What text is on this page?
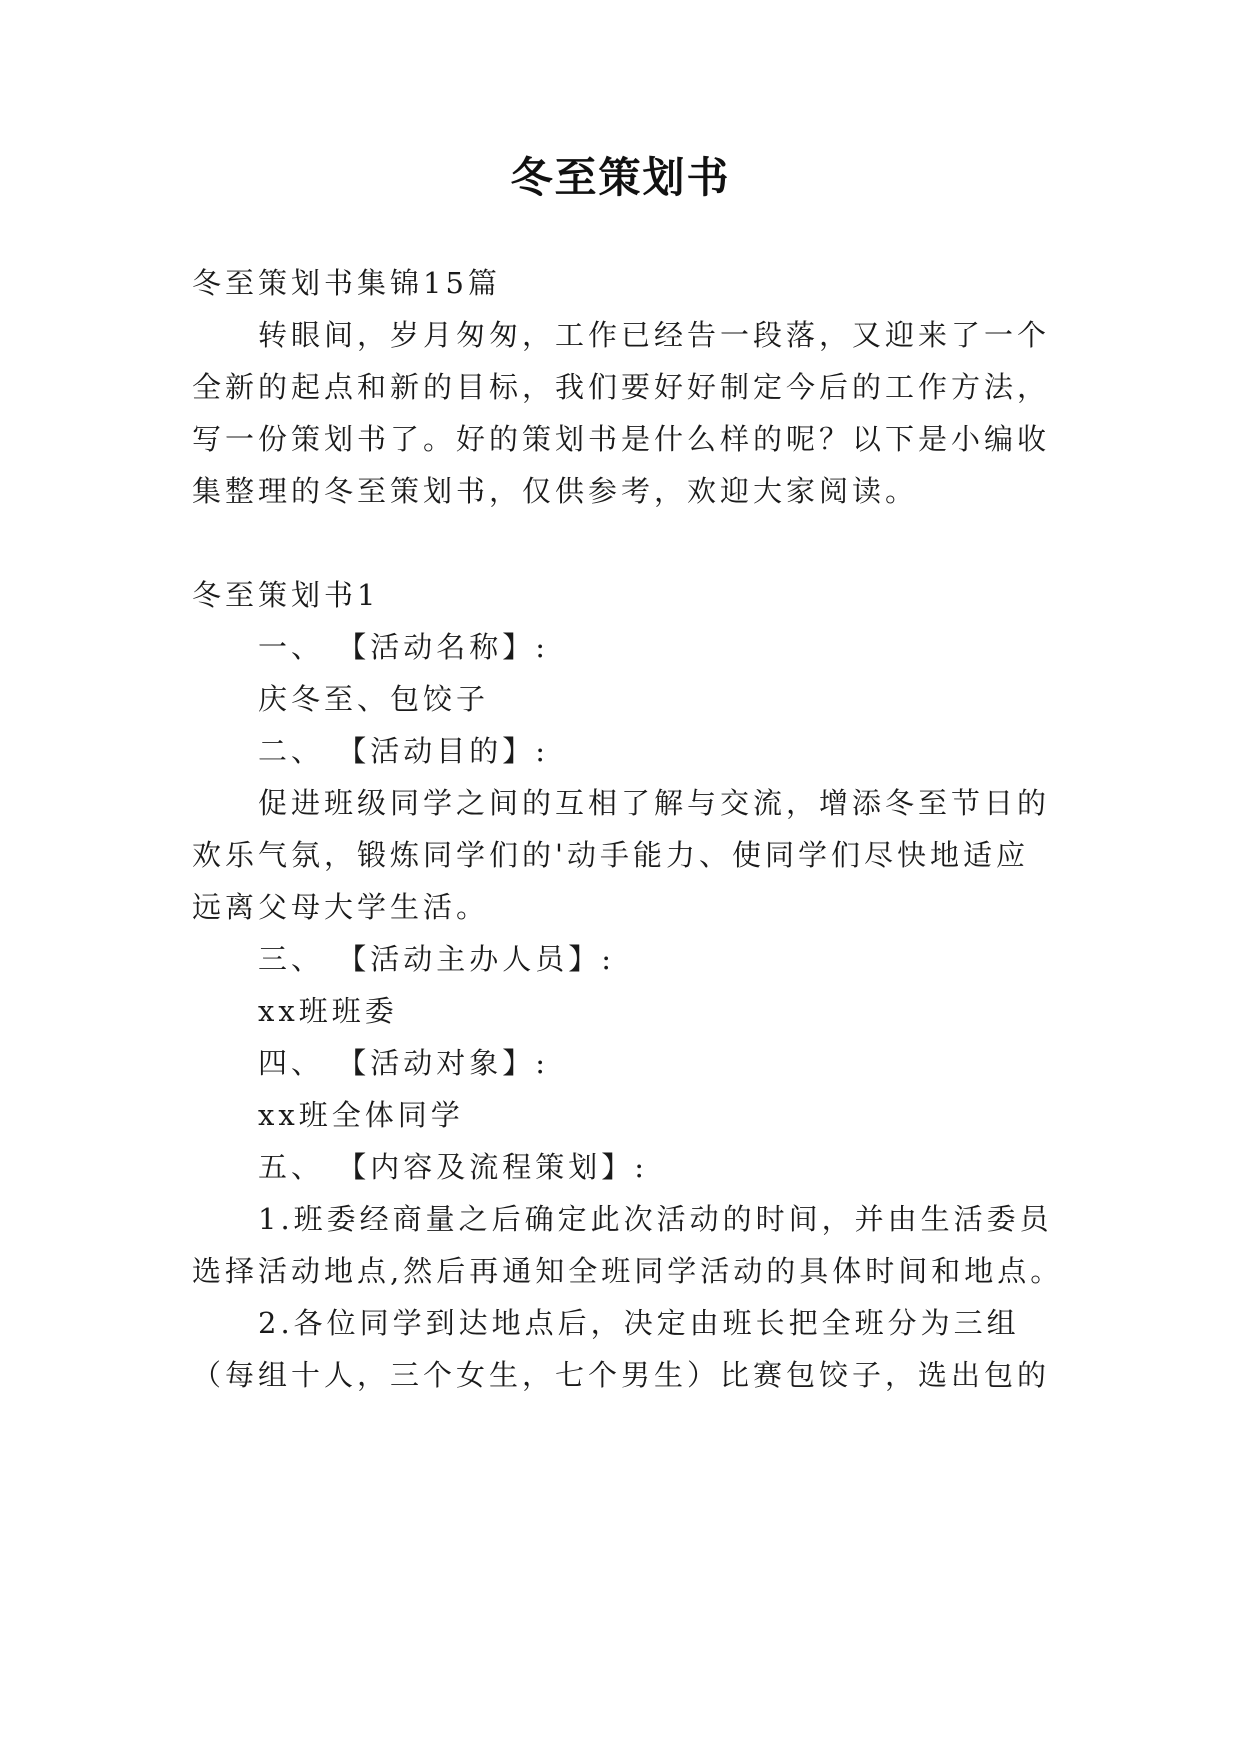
冬至策划书
冬至策划书集锦15篇
转眼间，岁月匆匆，工作已经告一段落，又迎来了一个
全新的起点和新的目标，我们要好好制定今后的工作方法，
写一份策划书了。好的策划书是什么样的呢？以下是小编收
集整理的冬至策划书，仅供参考，欢迎大家阅读。
冬至策划书1
一、 【活动名称】:
庆冬至、包饺子
二、 【活动目的】:
促进班级同学之间的互相了解与交流，增添冬至节日的
欢乐气氛，锻炼同学们的'动手能力、使同学们尽快地适应
远离父母大学生活。
三、 【活动主办人员】:
xx班班委
四、 【活动对象】:
xx班全体同学
五、 【内容及流程策划】:
1.班委经商量之后确定此次活动的时间，并由生活委员
选择活动地点,然后再通知全班同学活动的具体时间和地点。
2.各位同学到达地点后，决定由班长把全班分为三组
（每组十人，三个女生，七个男生）比赛包饺子，选出包的
